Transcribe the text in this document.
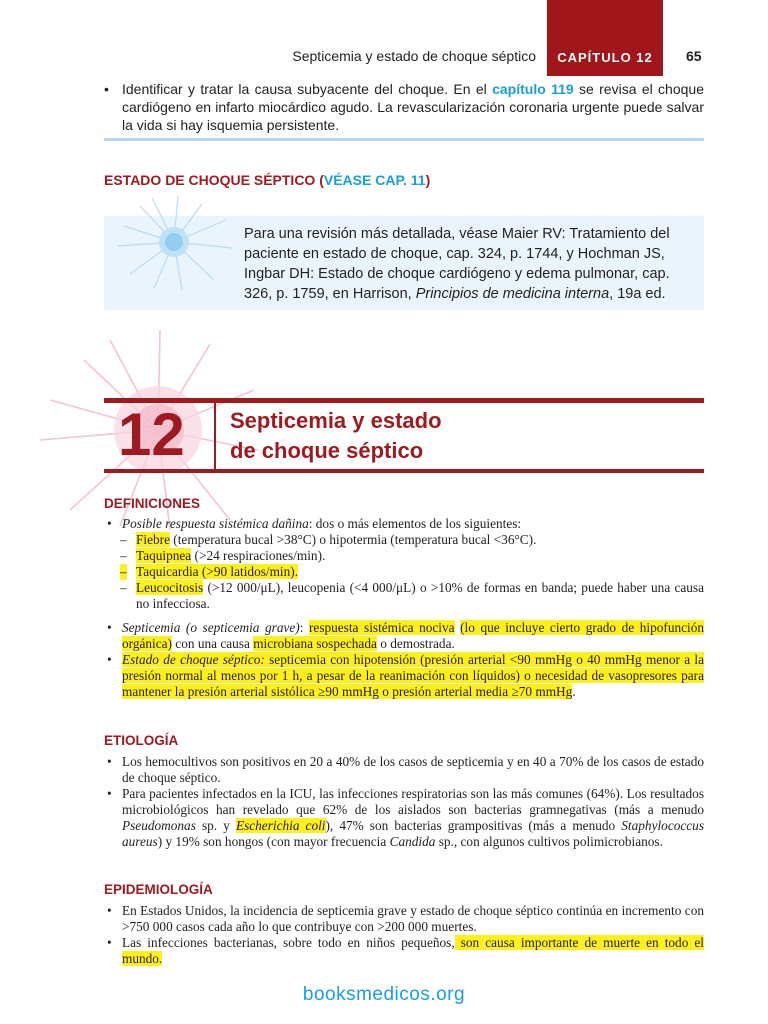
Septicemia y estado de choque séptico	CAPÍTULO 12	65
• Identificar y tratar la causa subyacente del choque. En el capítulo 119 se revisa el choque cardiógeno en infarto miocárdico agudo. La revascularización coronaria urgente puede salvar la vida si hay isquemia persistente.
ESTADO DE CHOQUE SÉPTICO (VÉASE CAP. 11)
Para una revisión más detallada, véase Maier RV: Tratamiento del paciente en estado de choque, cap. 324, p. 1744, y Hochman JS, Ingbar DH: Estado de choque cardiógeno y edema pulmonar, cap. 326, p. 1759, en Harrison, Principios de medicina interna, 19a ed.
12 Septicemia y estado
de choque séptico
DEFINICIONES
• Posible respuesta sistémica dañina: dos o más elementos de los siguientes:
– Fiebre (temperatura bucal >38°C) o hipotermia (temperatura bucal <36°C).
– Taquipnea (>24 respiraciones/min).
– Taquicardia (>90 latidos/min).
– Leucocitosis (>12 000/μL), leucopenia (<4 000/μL) o >10% de formas en banda; puede haber una causa no infecciosa.
• Septicemia (o septicemia grave): respuesta sistémica nociva (lo que incluye cierto grado de hipofunción orgánica) con una causa microbiana sospechada o demostrada.
• Estado de choque séptico: septicemia con hipotensión (presión arterial <90 mmHg o 40 mmHg menor a la presión normal al menos por 1 h, a pesar de la reanimación con líquidos) o necesidad de vasopresores para mantener la presión arterial sistólica ≥90 mmHg o presión arterial media ≥70 mmHg.
ETIOLOGÍA
• Los hemocultivos son positivos en 20 a 40% de los casos de septicemia y en 40 a 70% de los casos de estado de choque séptico.
• Para pacientes infectados en la ICU, las infecciones respiratorias son las más comunes (64%). Los resultados microbiológicos han revelado que 62% de los aislados son bacterias gramnegativas (más a menudo Pseudomonas sp. y Escherichia coli), 47% son bacterias grampositivas (más a menudo Staphylococcus aureus) y 19% son hongos (con mayor frecuencia Candida sp., con algunos cultivos polimicrobianos.
EPIDEMIOLOGÍA
• En Estados Unidos, la incidencia de septicemia grave y estado de choque séptico continúa en incremento con >750 000 casos cada año lo que contribuye con >200 000 muertes.
• Las infecciones bacterianas, sobre todo en niños pequeños, son causa importante de muerte en todo el mundo.
booksmedicos.org
